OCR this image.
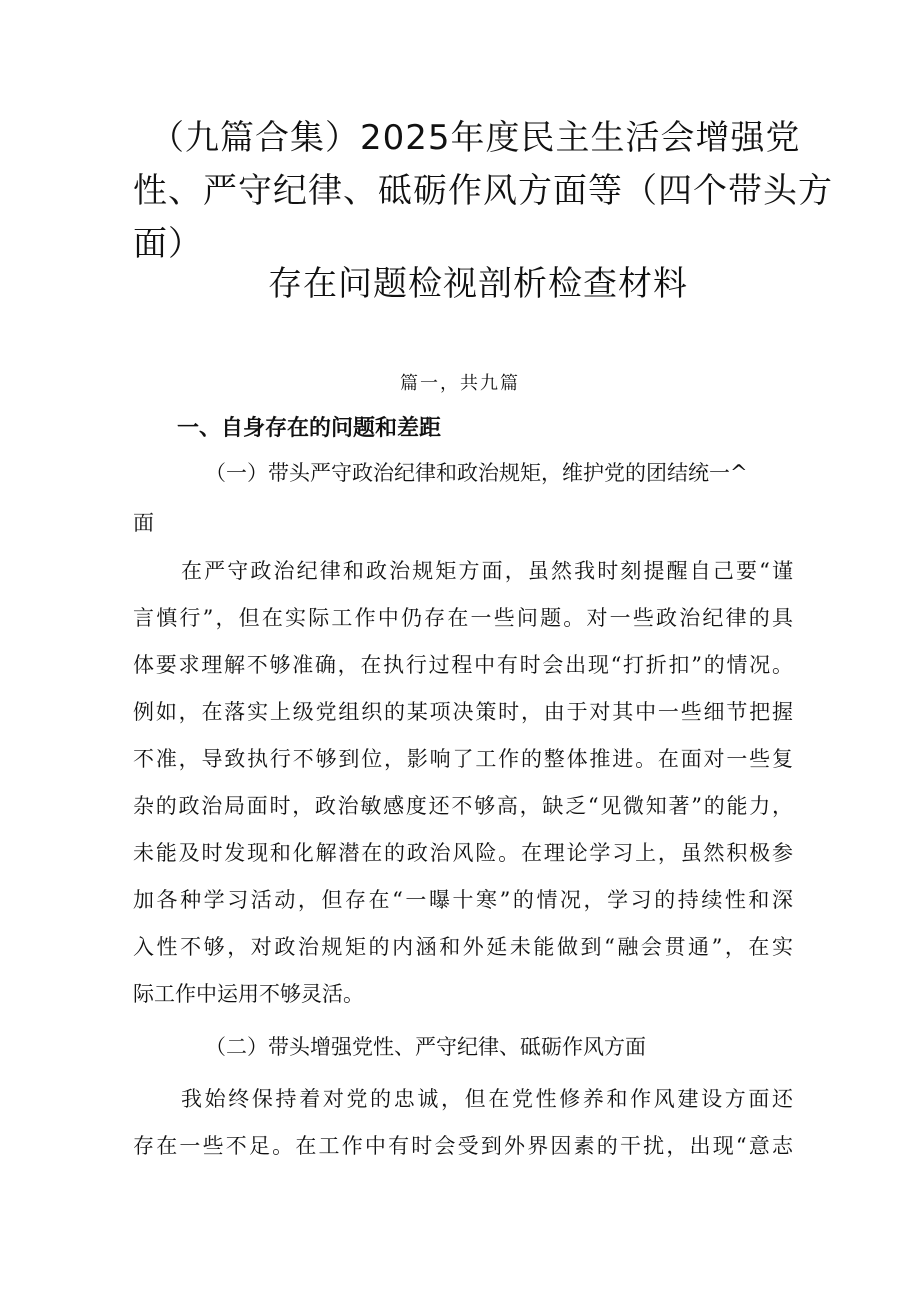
（九篇合集）2025年度民主生活会增强党
性、严守纪律、砥砺作风方面等（四个带头方
面）
存在问题检视剖析检查材料
篇一，共九篇
一、自身存在的问题和差距
（一）带头严守政治纪律和政治规矩，维护党的团结统一^
面
在严守政治纪律和政治规矩方面，虽然我时刻提醒自己要“谨
言慎行”，但在实际工作中仍存在一些问题。对一些政治纪律的具
体要求理解不够准确，在执行过程中有时会出现“打折扣”的情况。
例如，在落实上级党组织的某项决策时，由于对其中一些细节把握
不准，导致执行不够到位，影响了工作的整体推进。在面对一些复
杂的政治局面时，政治敏感度还不够高，缺乏“见微知著”的能力，
未能及时发现和化解潜在的政治风险。在理论学习上，虽然积极参
加各种学习活动，但存在“一曝十寒”的情况，学习的持续性和深
入性不够，对政治规矩的内涵和外延未能做到“融会贯通”，在实
际工作中运用不够灵活。
（二）带头增强党性、严守纪律、砥砺作风方面
我始终保持着对党的忠诚，但在党性修养和作风建设方面还
存在一些不足。在工作中有时会受到外界因素的干扰，出现“意志
